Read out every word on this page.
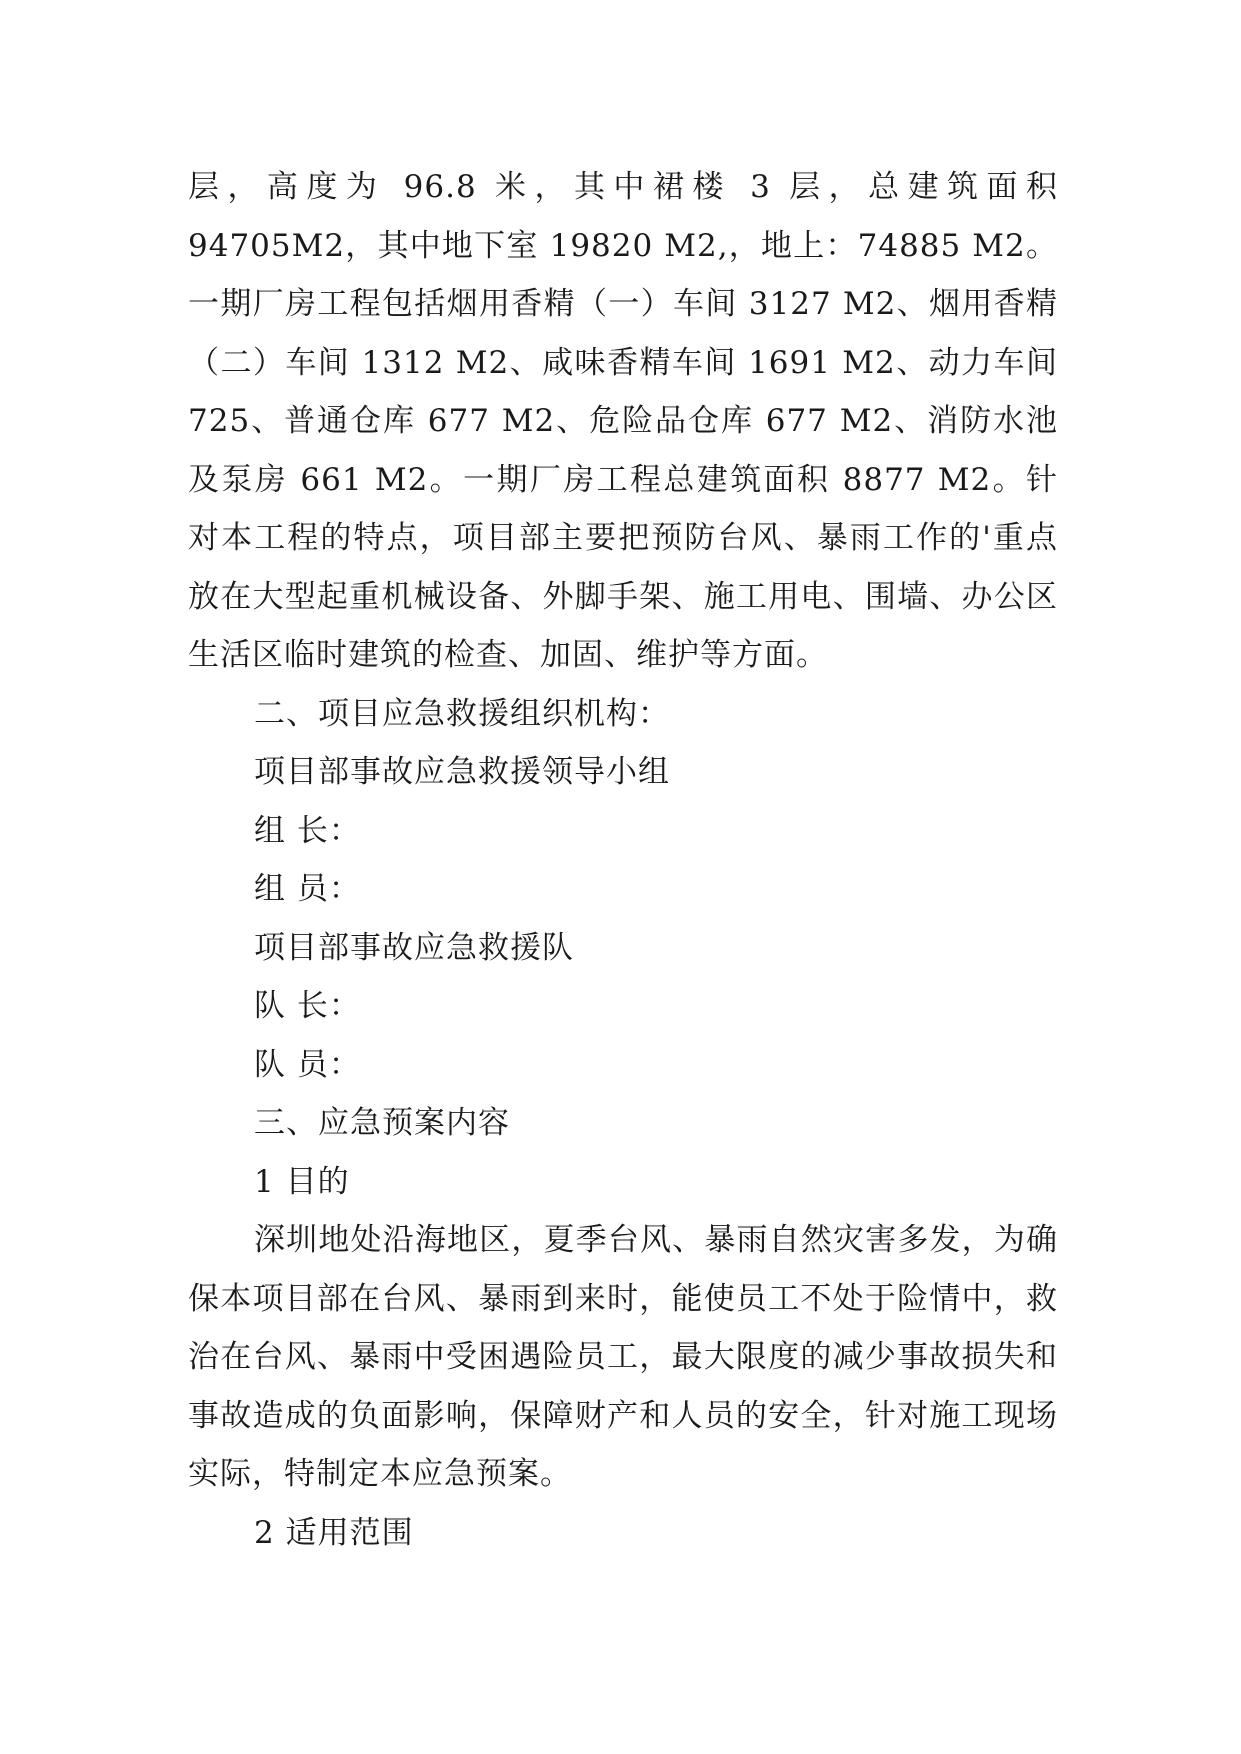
层，高度为 96.8 米，其中裙楼 3 层，总建筑面积 94705M2，其中地下室 19820 M2,，地上：74885 M2。一期厂房工程包括烟用香精（一）车间 3127 M2、烟用香精（二）车间 1312 M2、咸味香精车间 1691 M2、动力车间 725、普通仓库 677 M2、危险品仓库 677 M2、消防水池及泵房 661 M2。一期厂房工程总建筑面积 8877 M2。针对本工程的特点，项目部主要把预防台风、暴雨工作的'重点放在大型起重机械设备、外脚手架、施工用电、围墙、办公区生活区临时建筑的检查、加固、维护等方面。

二、项目应急救援组织机构：

项目部事故应急救援领导小组

组 长：

组 员：

项目部事故应急救援队

队 长：

队 员：

三、应急预案内容

1 目的

深圳地处沿海地区，夏季台风、暴雨自然灾害多发，为确保本项目部在台风、暴雨到来时，能使员工不处于险情中，救治在台风、暴雨中受困遇险员工，最大限度的减少事故损失和事故造成的负面影响，保障财产和人员的安全，针对施工现场实际，特制定本应急预案。

2 适用范围
